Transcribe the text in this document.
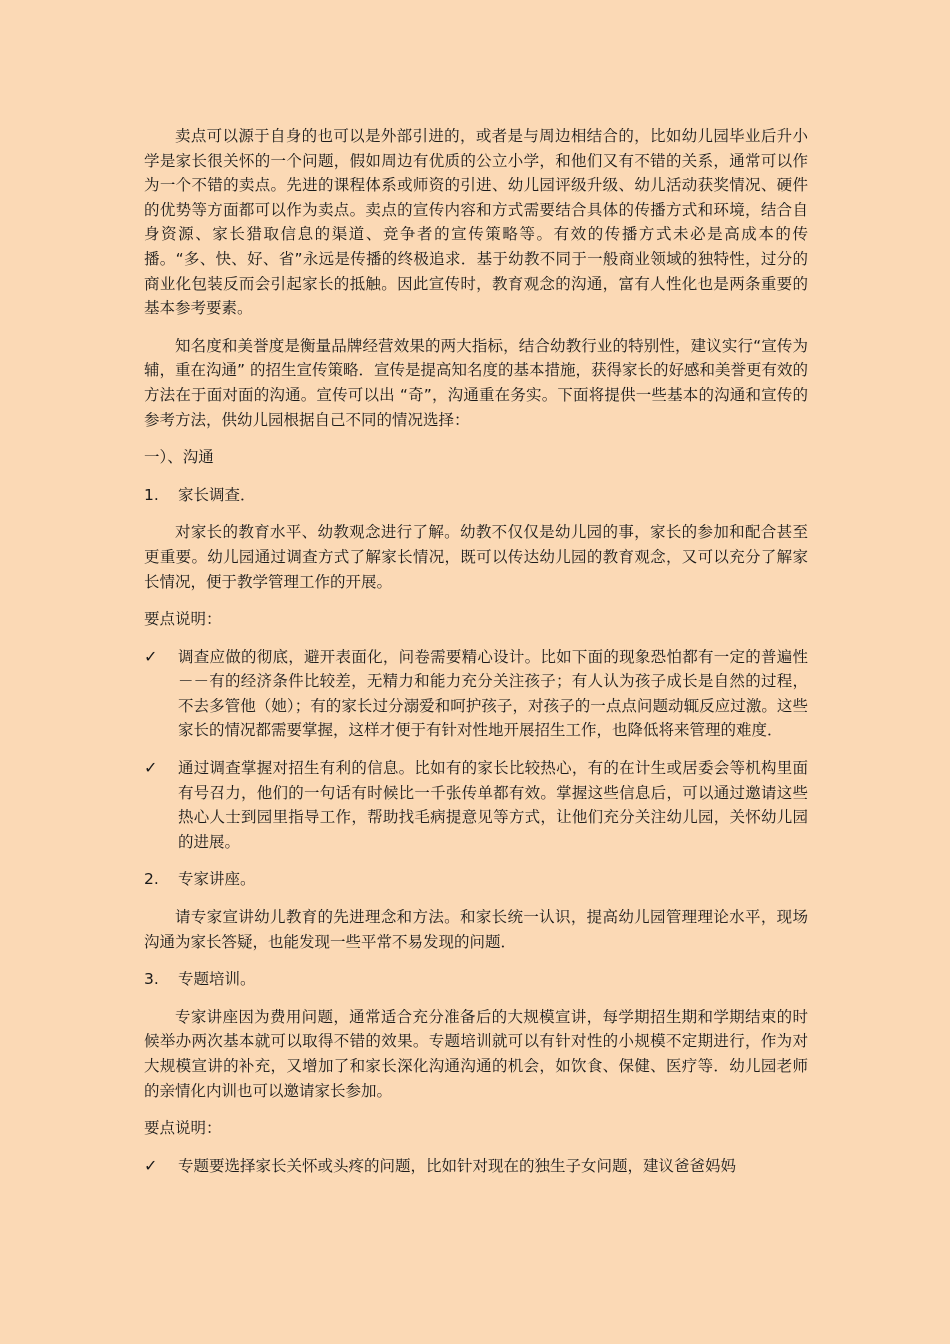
卖点可以源于自身的也可以是外部引进的，或者是与周边相结合的，比如幼儿园毕业后升小学是家长很关怀的一个问题，假如周边有优质的公立小学，和他们又有不错的关系，通常可以作为一个不错的卖点。先进的课程体系或师资的引进、幼儿园评级升级、幼儿活动获奖情况、硬件的优势等方面都可以作为卖点。卖点的宣传内容和方式需要结合具体的传播方式和环境，结合自身资源、家长猎取信息的渠道、竞争者的宣传策略等。有效的传播方式未必是高成本的传播。“多、快、好、省”永远是传播的终极追求．基于幼教不同于一般商业领域的独特性，过分的商业化包装反而会引起家长的抵触。因此宣传时，教育观念的沟通，富有人性化也是两条重要的基本参考要素。

知名度和美誉度是衡量品牌经营效果的两大指标，结合幼教行业的特别性，建议实行“宣传为辅，重在沟通” 的招生宣传策略．宣传是提高知名度的基本措施，获得家长的好感和美誉更有效的方法在于面对面的沟通。宣传可以出 “奇”，沟通重在务实。下面将提供一些基本的沟通和宣传的参考方法，供幼儿园根据自己不同的情况选择：

一）、沟通
1.	家长调查．

对家长的教育水平、幼教观念进行了解。幼教不仅仅是幼儿园的事，家长的参加和配合甚至更重要。幼儿园通过调查方式了解家长情况，既可以传达幼儿园的教育观念，又可以充分了解家长情况，便于教学管理工作的开展。

要点说明：
✓	调查应做的彻底，避开表面化，问卷需要精心设计。比如下面的现象恐怕都有一定的普遍性－－有的经济条件比较差，无精力和能力充分关注孩子；有人认为孩子成长是自然的过程，不去多管他（她）；有的家长过分溺爱和呵护孩子，对孩子的一点点问题动辄反应过激。这些家长的情况都需要掌握，这样才便于有针对性地开展招生工作，也降低将来管理的难度．
✓	通过调查掌握对招生有利的信息。比如有的家长比较热心，有的在计生或居委会等机构里面有号召力，他们的一句话有时候比一千张传单都有效。掌握这些信息后，可以通过邀请这些热心人士到园里指导工作，帮助找毛病提意见等方式，让他们充分关注幼儿园，关怀幼儿园的进展。
2.	专家讲座。

请专家宣讲幼儿教育的先进理念和方法。和家长统一认识，提高幼儿园管理理论水平，现场沟通为家长答疑，也能发现一些平常不易发现的问题．

3.	专题培训。

专家讲座因为费用问题，通常适合充分准备后的大规模宣讲，每学期招生期和学期结束的时候举办两次基本就可以取得不错的效果。专题培训就可以有针对性的小规模不定期进行，作为对大规模宣讲的补充，又增加了和家长深化沟通沟通的机会，如饮食、保健、医疗等．幼儿园老师的亲情化内训也可以邀请家长参加。

要点说明：
✓	专题要选择家长关怀或头疼的问题，比如针对现在的独生子女问题，建议爸爸妈妈
